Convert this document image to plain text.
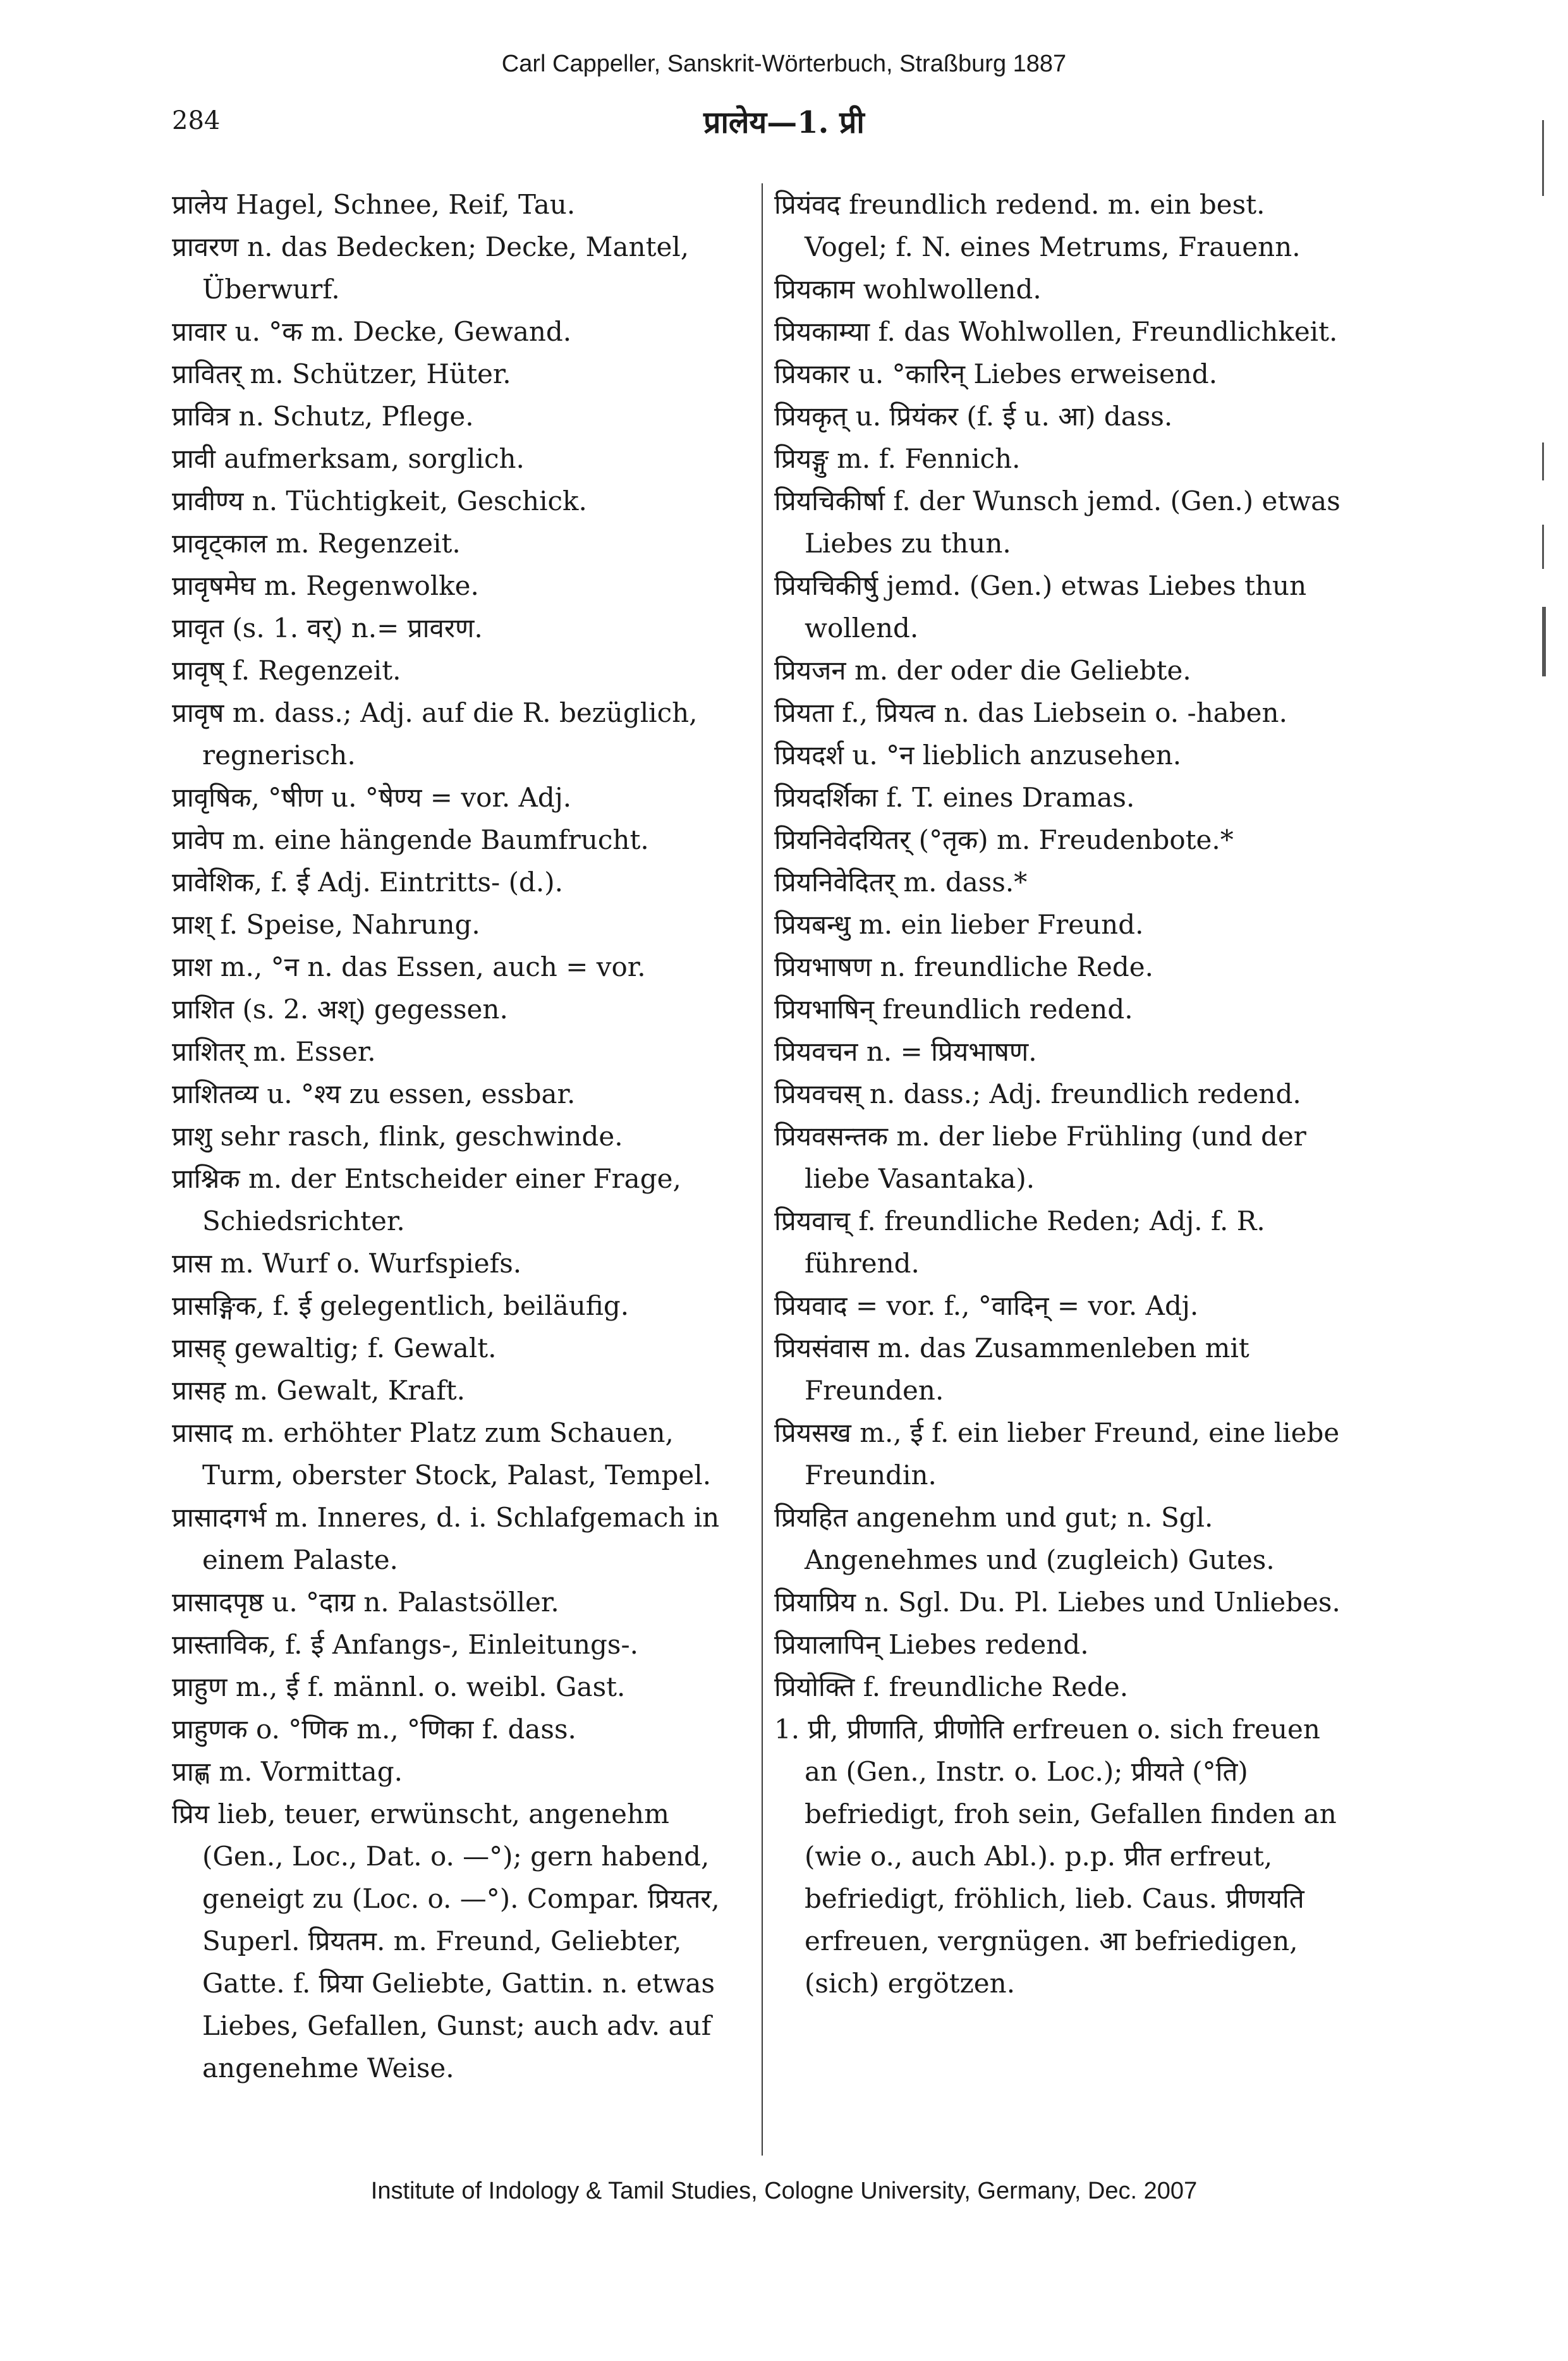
Carl Cappeller, Sanskrit-Wörterbuch, Straßburg 1887
284	प्रालेय—1. प्री

प्रालेय Hagel, Schnee, Reif, Tau.

प्रावरण n. das Bedecken; Decke, Mantel, Überwurf.

प्रावार u. °क m. Decke, Gewand.

प्रावितर् m. Schützer, Hüter.

प्रावित्र n. Schutz, Pflege.

प्रावी aufmerksam, sorglich.

प्रावीण्य n. Tüchtigkeit, Geschick.

प्रावृट्काल m. Regenzeit.

प्रावृषमेघ m. Regenwolke.

प्रावृत (s. 1. वर्) n.= प्रावरण.

प्रावृष् f. Regenzeit.

प्रावृष m. dass.; Adj. auf die R. bezüglich, regnerisch.

प्रावृषिक, °षीण u. °षेण्य = vor. Adj.

प्रावेप m. eine hängende Baumfrucht.

प्रावेशिक, f. ई Adj. Eintritts- (d.).

प्राश् f. Speise, Nahrung.

प्राश m., °न n. das Essen, auch = vor.

प्राशित (s. 2. अश्) gegessen.

प्राशितर् m. Esser.

प्राशितव्य u. °श्य zu essen, essbar.

प्राशु sehr rasch, flink, geschwinde.

प्राश्निक m. der Entscheider einer Frage, Schiedsrichter.

प्रास m. Wurf o. Wurfspiefs.

प्रासङ्गिक, f. ई gelegentlich, beiläufig.

प्रासह् gewaltig; f. Gewalt.

प्रासह m. Gewalt, Kraft.

प्रासाद m. erhöhter Platz zum Schauen, Turm, oberster Stock, Palast, Tempel.

प्रासादगर्भ m. Inneres, d. i. Schlafgemach in einem Palaste.

प्रासादपृष्ठ u. °दाग्र n. Palastsöller.

प्रास्ताविक, f. ई Anfangs-, Einleitungs-.

प्राहुण m., ई f. männl. o. weibl. Gast.

प्राहुणक o. °णिक m., °णिका f. dass.

प्राह्ण m. Vormittag.

प्रिय lieb, teuer, erwünscht, angenehm (Gen., Loc., Dat. o. —°); gern habend, geneigt zu (Loc. o. —°). Compar. प्रियतर, Superl. प्रियतम. m. Freund, Geliebter, Gatte. f. प्रिया Geliebte, Gattin. n. etwas Liebes, Gefallen, Gunst; auch adv. auf angenehme Weise.

प्रियंवद freundlich redend. m. ein best. Vogel; f. N. eines Metrums, Frauenn.

प्रियकाम wohlwollend.

प्रियकाम्या f. das Wohlwollen, Freundlichkeit.

प्रियकार u. °कारिन् Liebes erweisend.

प्रियकृत् u. प्रियंकर (f. ई u. आ) dass.

प्रियङ्गु m. f. Fennich.

प्रियचिकीर्षा f. der Wunsch jemd. (Gen.) etwas Liebes zu thun.

प्रियचिकीर्षु jemd. (Gen.) etwas Liebes thun wollend.

प्रियजन m. der oder die Geliebte.

प्रियता f., प्रियत्व n. das Liebsein o. -haben.

प्रियदर्श u. °न lieblich anzusehen.

प्रियदर्शिका f. T. eines Dramas.

प्रियनिवेदयितर् (°तृक) m. Freudenbote.*

प्रियनिवेदितर् m. dass.*

प्रियबन्धु m. ein lieber Freund.

प्रियभाषण n. freundliche Rede.

प्रियभाषिन् freundlich redend.

प्रियवचन n. = प्रियभाषण.

प्रियवचस् n. dass.; Adj. freundlich redend.

प्रियवसन्तक m. der liebe Frühling (und der liebe Vasantaka).

प्रियवाच् f. freundliche Reden; Adj. f. R. führend.

प्रियवाद = vor. f., °वादिन् = vor. Adj.

प्रियसंवास m. das Zusammenleben mit Freunden.

प्रियसख m., ई f. ein lieber Freund, eine liebe Freundin.

प्रियहित angenehm und gut; n. Sgl. Angenehmes und (zugleich) Gutes.

प्रियाप्रिय n. Sgl. Du. Pl. Liebes und Unliebes.

प्रियालापिन् Liebes redend.

प्रियोक्ति f. freundliche Rede.

1. प्री, प्रीणाति, प्रीणोति erfreuen o. sich freuen an (Gen., Instr. o. Loc.); प्रीयते (°ति) befriedigt, froh sein, Gefallen finden an (wie o., auch Abl.). p.p. प्रीत erfreut, befriedigt, fröhlich, lieb. Caus. प्रीणयति erfreuen, vergnügen. आ befriedigen, (sich) ergötzen.

Institute of Indology & Tamil Studies, Cologne University, Germany, Dec. 2007
